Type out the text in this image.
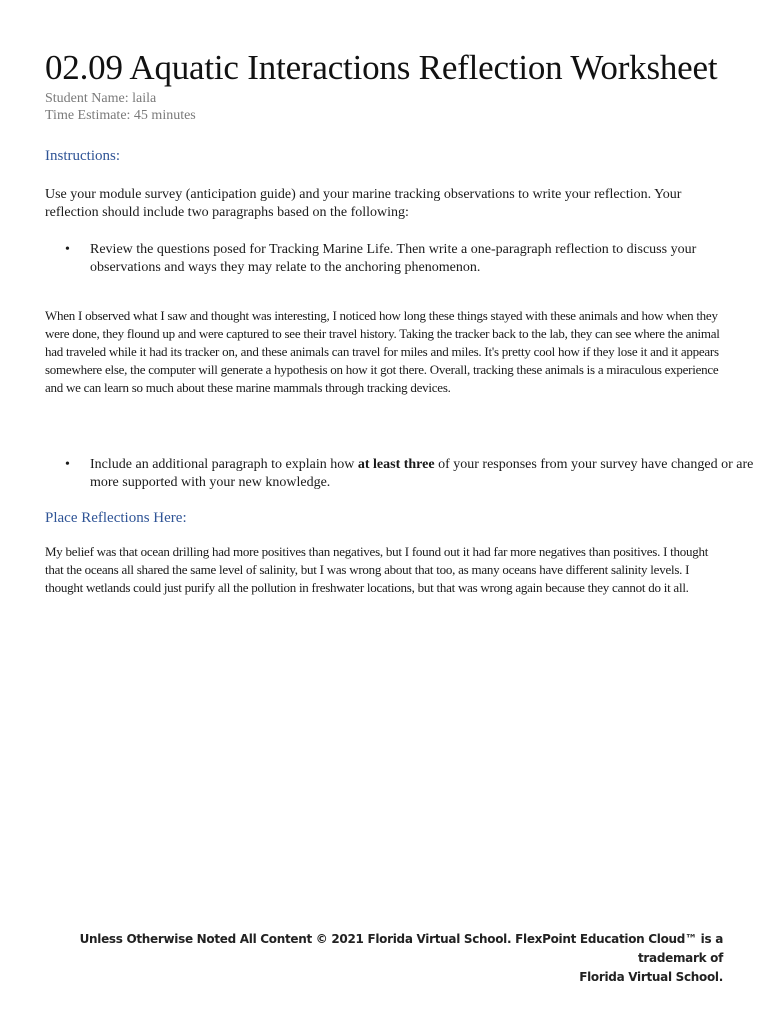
02.09 Aquatic Interactions Reflection Worksheet

Student Name: laila

Time Estimate: 45 minutes

Instructions:

Use your module survey (anticipation guide) and your marine tracking observations to write your reflection. Your reflection should include two paragraphs based on the following:

• Review the questions posed for Tracking Marine Life. Then write a one-paragraph reflection to discuss your observations and ways they may relate to the anchoring phenomenon.

When I observed what I saw and thought was interesting, I noticed how long these things stayed with these animals and how when they were done, they flound up and were captured to see their travel history. Taking the tracker back to the lab, they can see where the animal had traveled while it had its tracker on, and these animals can travel for miles and miles. It's pretty cool how if they lose it and it appears somewhere else, the computer will generate a hypothesis on how it got there. Overall, tracking these animals is a miraculous experience and we can learn so much about these marine mammals through tracking devices.

• Include an additional paragraph to explain how at least three of your responses from your survey have changed or are more supported with your new knowledge.
Place Reflections Here:

My belief was that ocean drilling had more positives than negatives, but I found out it had far more negatives than positives. I thought that the oceans all shared the same level of salinity, but I was wrong about that too, as many oceans have different salinity levels. I thought wetlands could just purify all the pollution in freshwater locations, but that was wrong again because they cannot do it all.

Unless Otherwise Noted All Content © 2021 Florida Virtual School. FlexPoint Education Cloud™ is a trademark of
Florida Virtual School.
